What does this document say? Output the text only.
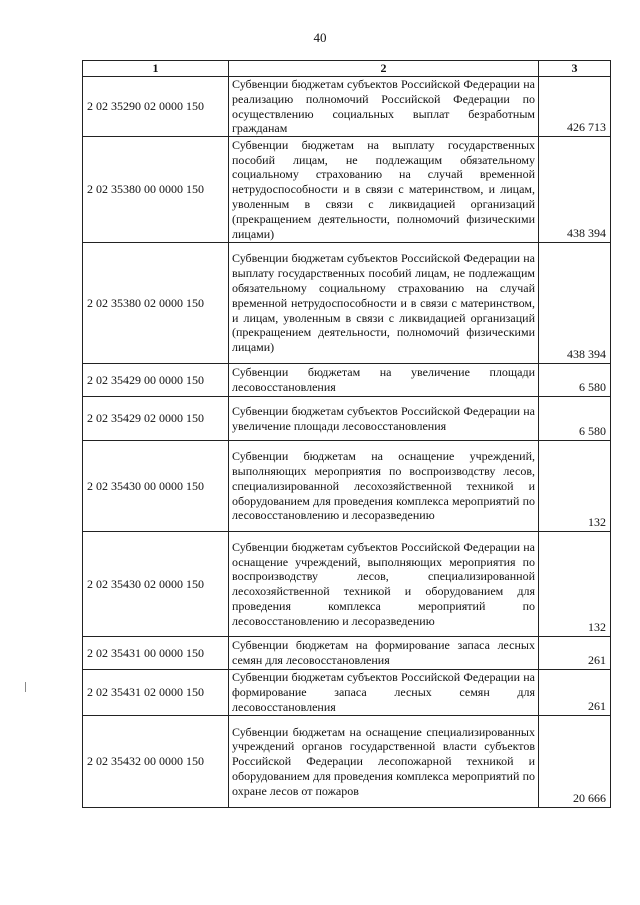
40
1	2	3
2 02 35290 02 0000 150	Субвенции бюджетам субъектов Российской Федерации на реализацию полномочий Российской Федерации по осуществлению социальных выплат безработным гражданам	426 713
2 02 35380 00 0000 150	Субвенции бюджетам на выплату государственных пособий лицам, не подлежащим обязательному социальному страхованию на случай временной нетрудоспособности и в связи с материнством, и лицам, уволенным в связи с ликвидацией организаций (прекращением деятельности, полномочий физическими лицами)	438 394
2 02 35380 02 0000 150	Субвенции бюджетам субъектов Российской Федерации на выплату государственных пособий лицам, не подлежащим обязательному социальному страхованию на случай временной нетрудоспособности и в связи с материнством, и лицам, уволенным в связи с ликвидацией организаций (прекращением деятельности, полномочий физическими лицами)	438 394
2 02 35429 00 0000 150	Субвенции бюджетам на увеличение площади лесовосстановления	6 580
2 02 35429 02 0000 150	Субвенции бюджетам субъектов Российской Федерации на увеличение площади лесовосстановления	6 580
2 02 35430 00 0000 150	Субвенции бюджетам на оснащение учреждений, выполняющих мероприятия по воспроизводству лесов, специализированной лесохозяйственной техникой и оборудованием для проведения комплекса мероприятий по лесовосстановлению и лесоразведению	132
2 02 35430 02 0000 150	Субвенции бюджетам субъектов Российской Федерации на оснащение учреждений, выполняющих мероприятия по воспроизводству лесов, специализированной лесохозяйственной техникой и оборудованием для проведения комплекса мероприятий по лесовосстановлению и лесоразведению	132
2 02 35431 00 0000 150	Субвенции бюджетам на формирование запаса лесных семян для лесовосстановления	261
2 02 35431 02 0000 150	Субвенции бюджетам субъектов Российской Федерации на формирование запаса лесных семян для лесовосстановления	261
2 02 35432 00 0000 150	Субвенции бюджетам на оснащение специализированных учреждений органов государственной власти субъектов Российской Федерации лесопожарной техникой и оборудованием для проведения комплекса мероприятий по охране лесов от пожаров	20 666
